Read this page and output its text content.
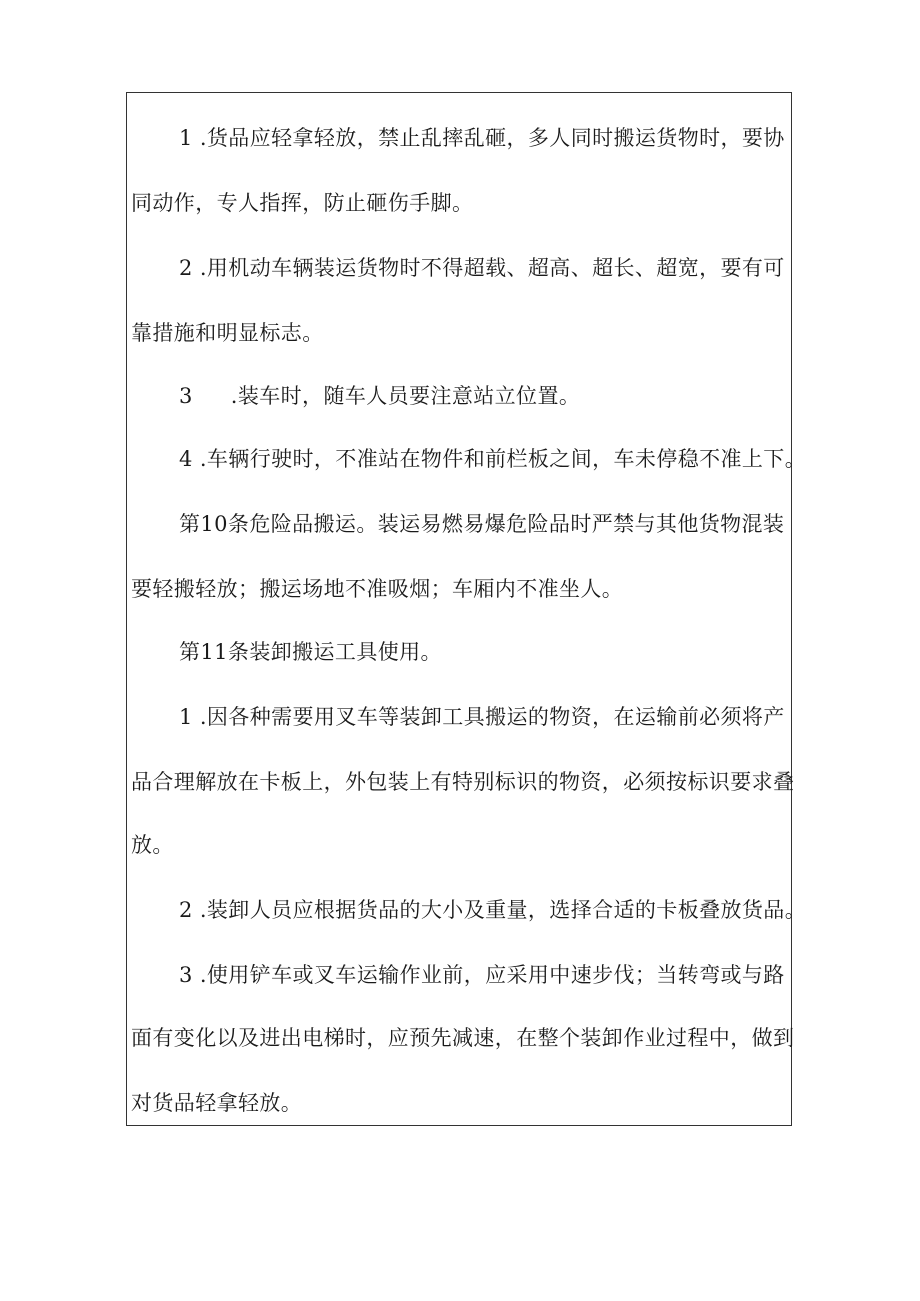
1 .货品应轻拿轻放，禁止乱摔乱砸，多人同时搬运货物时，要协
同动作，专人指挥，防止砸伤手脚。
2 .用机动车辆装运货物时不得超载、超高、超长、超宽，要有可
靠措施和明显标志。
3 .装车时，随车人员要注意站立位置。
4 .车辆行驶时，不准站在物件和前栏板之间，车未停稳不准上下。
第10条危险品搬运。装运易燃易爆危险品时严禁与其他货物混装
要轻搬轻放；搬运场地不准吸烟；车厢内不准坐人。
第11条装卸搬运工具使用。
1 .因各种需要用叉车等装卸工具搬运的物资，在运输前必须将产
品合理解放在卡板上，外包装上有特别标识的物资，必须按标识要求叠
放。
2 .装卸人员应根据货品的大小及重量，选择合适的卡板叠放货品。
3 .使用铲车或叉车运输作业前，应采用中速步伐；当转弯或与路
面有变化以及进出电梯时，应预先减速，在整个装卸作业过程中，做到
对货品轻拿轻放。
